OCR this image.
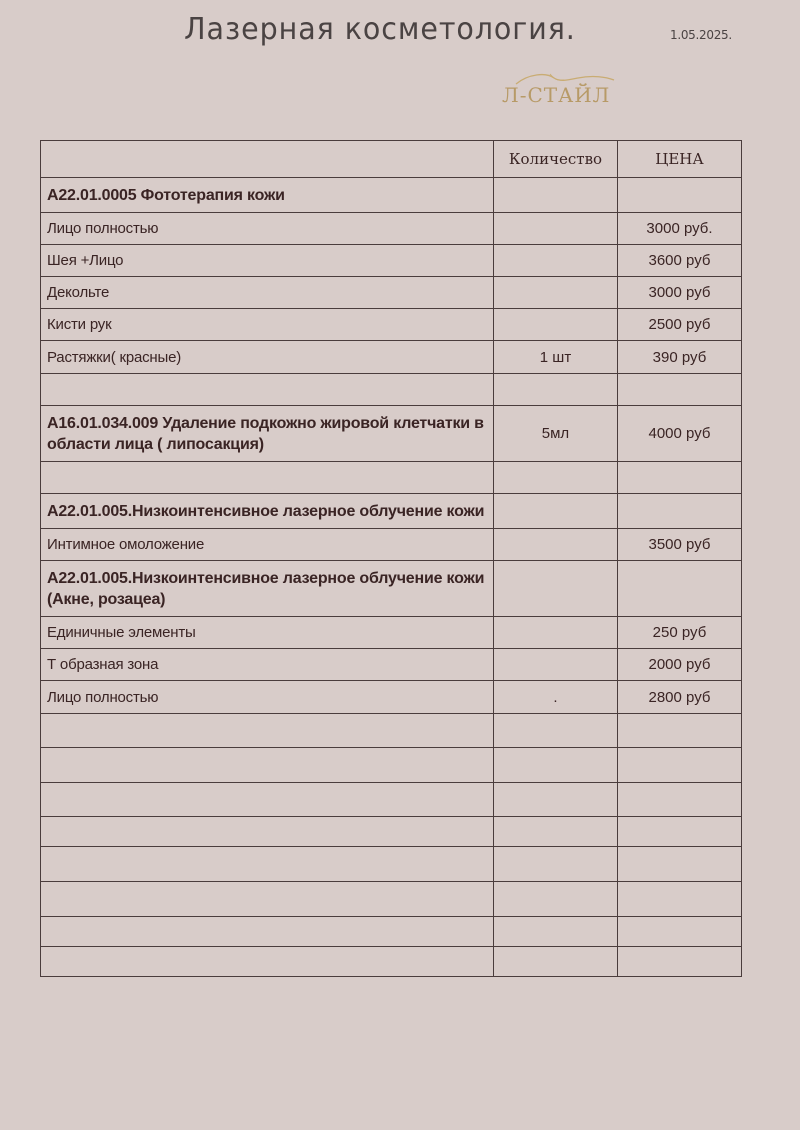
Лазерная косметология.	1.05.2025.
Л-СТАЙЛ
	Количество	ЦЕНА
А22.01.0005 Фототерапия кожи		
Лицо полностью		3000 руб.
Шея +Лицо		3600 руб
Декольте		3000 руб
Кисти рук		2500 руб
Растяжки( красные)	1 шт	390 руб

А16.01.034.009 Удаление подкожно жировой клетчатки в области лица ( липосакция)	5мл	4000 руб

А22.01.005.Низкоинтенсивное лазерное облучение кожи		
Интимное омоложение		3500 руб
А22.01.005.Низкоинтенсивное лазерное облучение кожи (Акне, розацеа)		
Единичные элементы		250 руб
Т образная зона		2000 руб
Лицо полностью	.	2800 руб
